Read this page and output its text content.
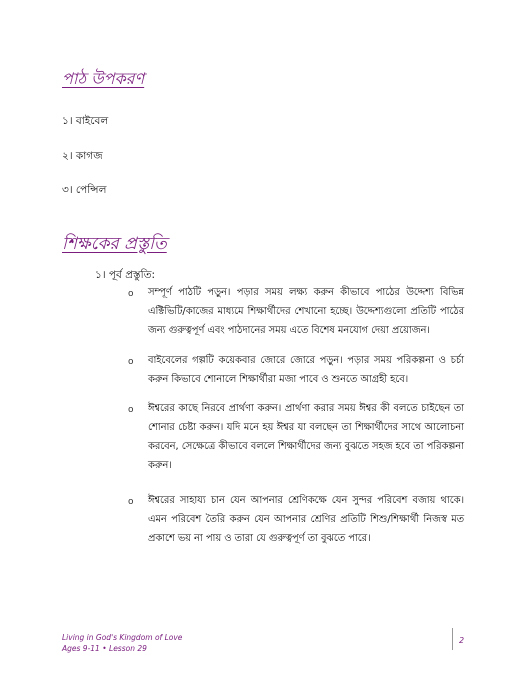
পাঠ উপকরণ

১। বাইবেল

২। কাগজ

৩। পেন্সিল

শিক্ষকের প্রস্তুতি

১। পূর্ব প্রস্তুতি:

o সম্পূর্ণ পাঠটি পড়ুন। পড়ার সময় লক্ষ্য করুন কীভাবে পাঠের উদ্দেশ্য বিভিন্ন এক্টিভিটি/কাজের মাধ্যমে শিক্ষার্থীদের শেখানো হচ্ছে। উদ্দেশ্যগুলো প্রতিটি পাঠের জন্য গুরুত্বপূর্ণ এবং পাঠদানের সময় এতে বিশেষ মনযোগ দেয়া প্রয়োজন।

o বাইবেলের গল্পটি কয়েকবার জোরে জোরে পড়ুন। পড়ার সময় পরিকল্পনা ও চর্চা করুন কিভাবে শোনালে শিক্ষার্থীরা মজা পাবে ও শুনতে আগ্রহী হবে।

o ঈশ্বরের কাছে নিরবে প্রার্থণা করুন। প্রার্থণা করার সময় ঈশ্বর কী বলতে চাইছেন তা শোনার চেষ্টা করুন। যদি মনে হয় ঈশ্বর যা বলছেন তা শিক্ষার্থীদের সাথে আলোচনা করবেন, সেক্ষেত্রে কীভাবে বললে শিক্ষার্থীদের জন্য বুঝতে সহজ হবে তা পরিকল্পনা করুন।

o ঈশ্বরের সাহায্য চান যেন আপনার শ্রেণিকক্ষে যেন সুন্দর পরিবেশ বজায় থাকে। এমন পরিবেশ তৈরি করুন যেন আপনার শ্রেণির প্রতিটি শিশু/শিক্ষার্থী নিজস্ব মত প্রকাশে ভয় না পায় ও তারা যে গুরুত্বপূর্ণ তা বুঝতে পারে।

Living in God's Kingdom of Love

Ages 9-11 • Lesson 29

2
